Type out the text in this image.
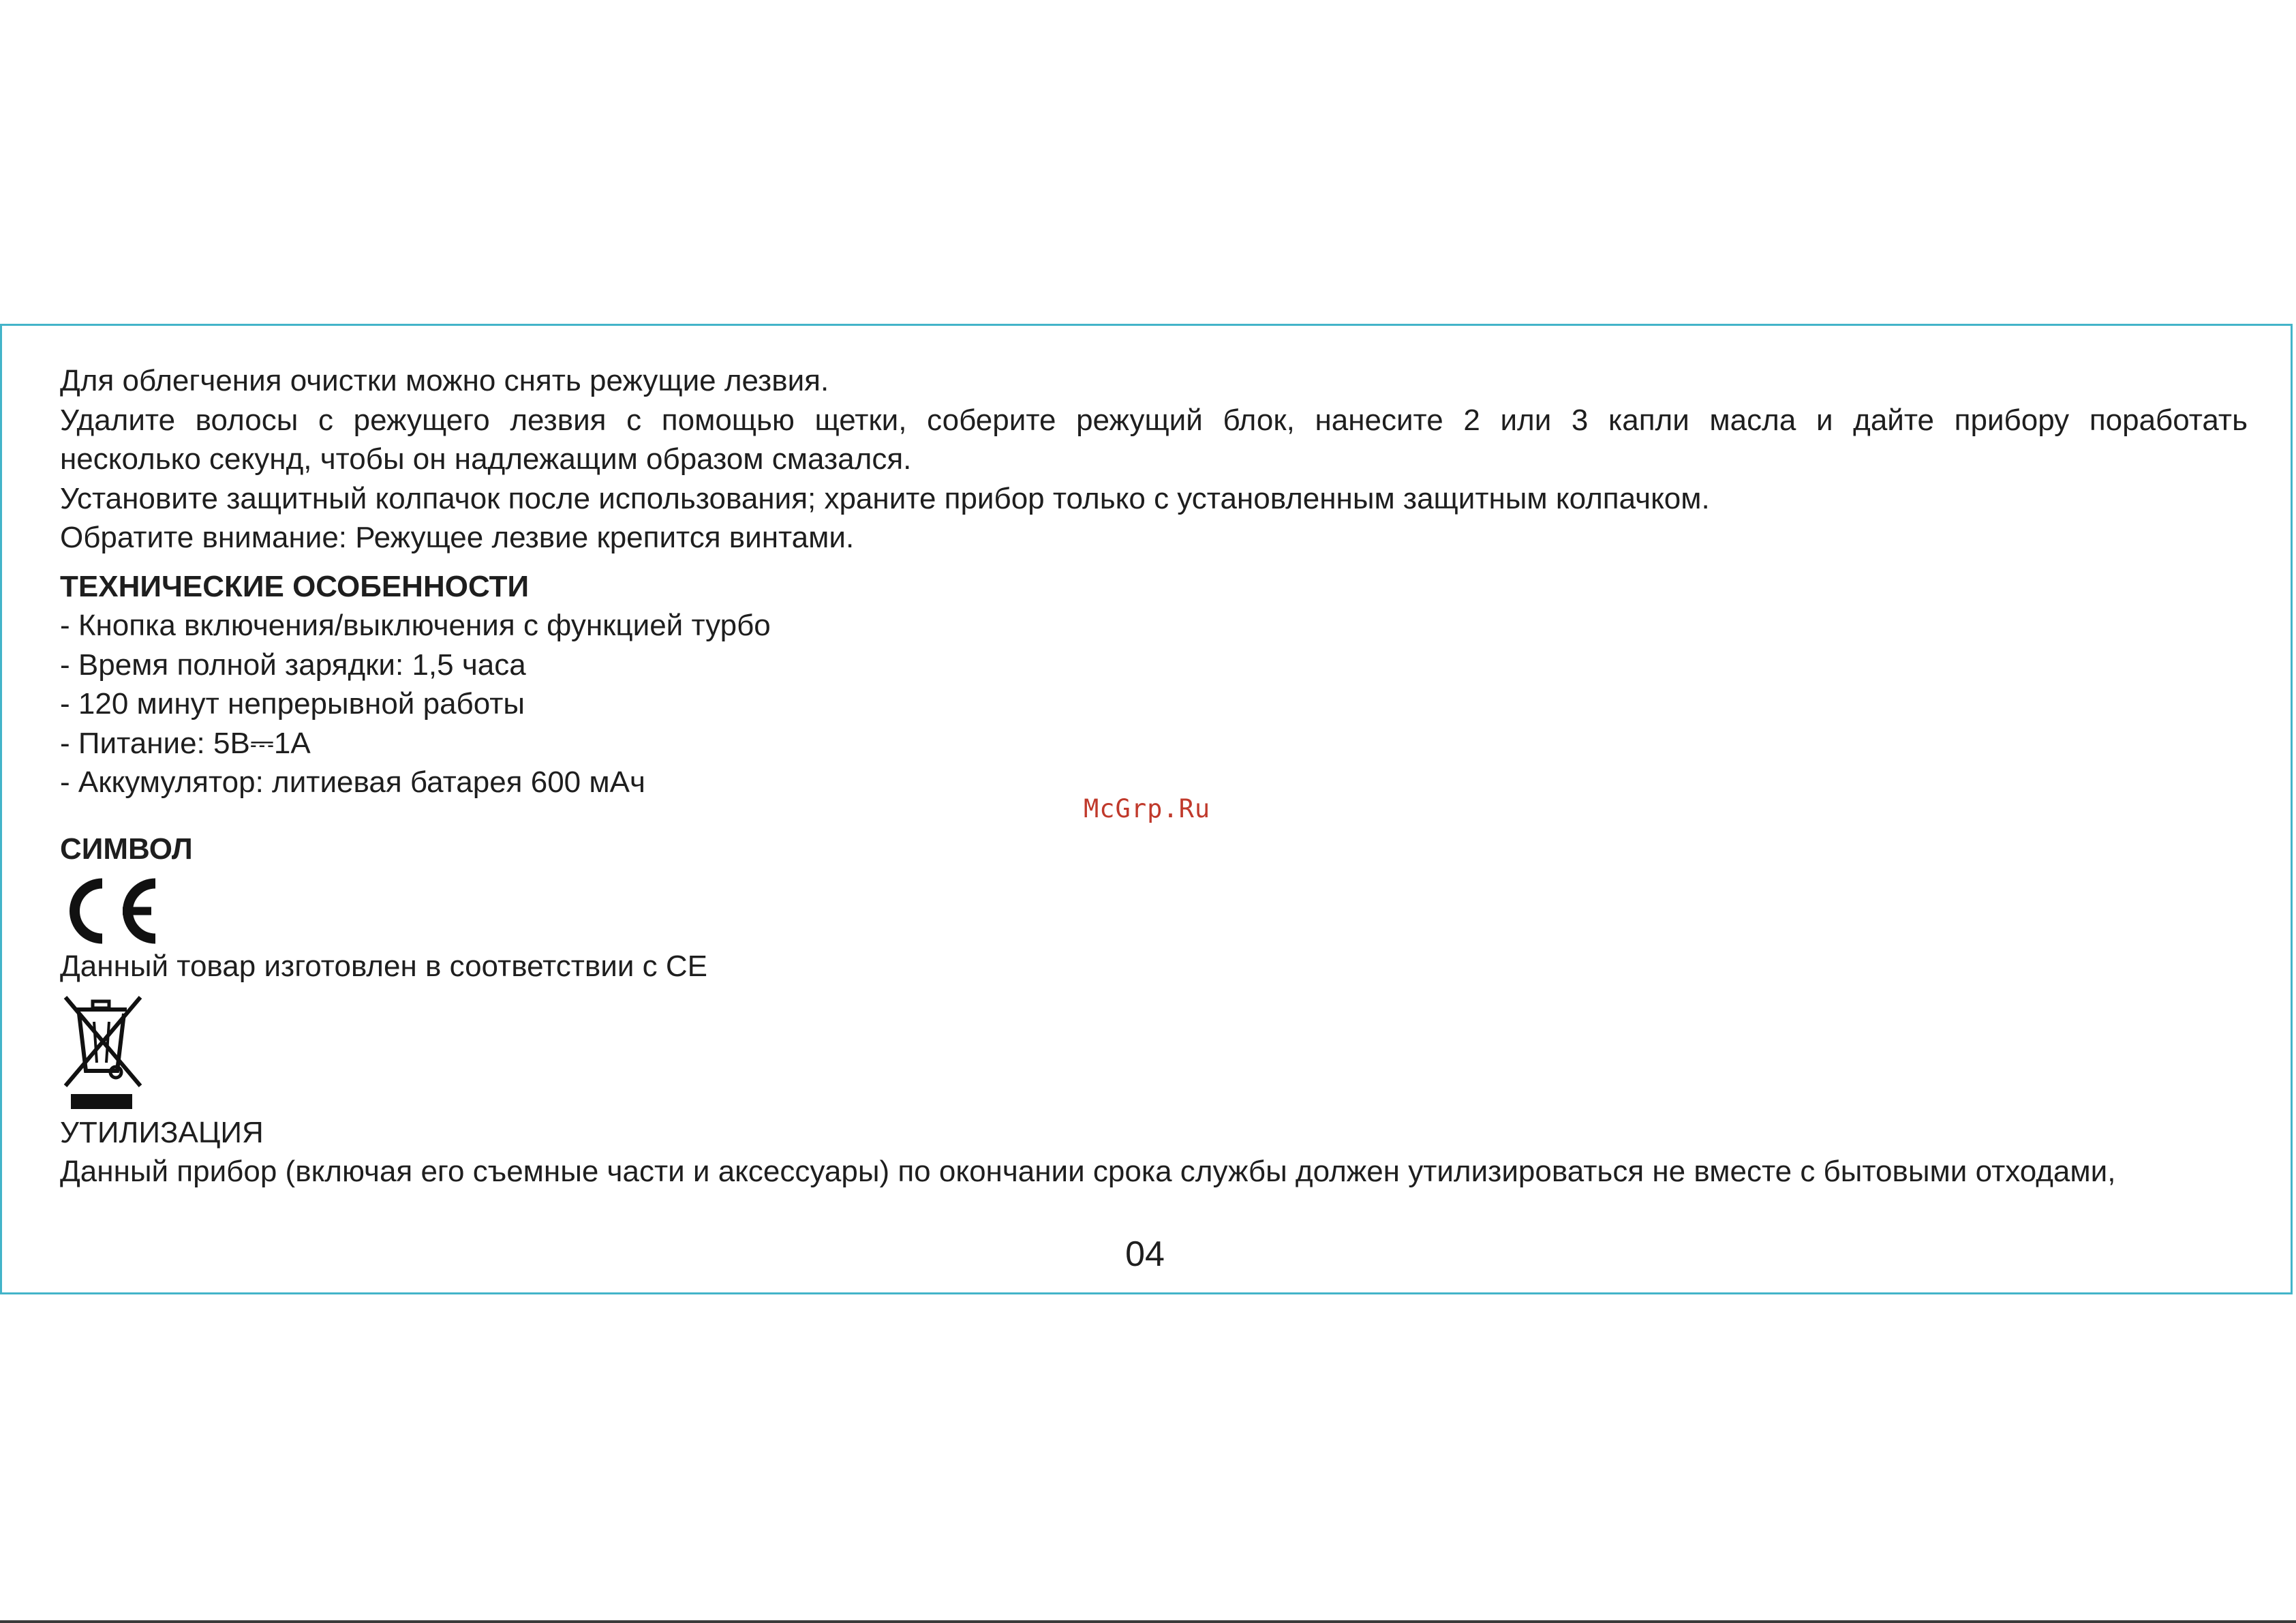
Для облегчения очистки можно снять режущие лезвия.

Удалите волосы с режущего лезвия с помощью щетки, соберите режущий блок, нанесите 2 или 3 капли масла и дайте прибору поработать

несколько секунд, чтобы он надлежащим образом смазался.

Установите защитный колпачок после использования; храните прибор только с установленным защитным колпачком.

Обратите внимание: Режущее лезвие крепится винтами.

ТЕХНИЧЕСКИЕ ОСОБЕННОСТИ

- Кнопка включения/выключения с функцией турбо

- Время полной зарядки: 1,5 часа

- 120 минут непрерывной работы

- Питание: 5В⎓1А

- Аккумулятор: литиевая батарея 600 мАч

СИМВОЛ

Данный товар изготовлен в соответствии с CE

УТИЛИЗАЦИЯ

Данный прибор (включая его съемные части и аксессуары) по окончании срока службы должен утилизироваться не вместе с бытовыми отходами,

McGrp.Ru
04
